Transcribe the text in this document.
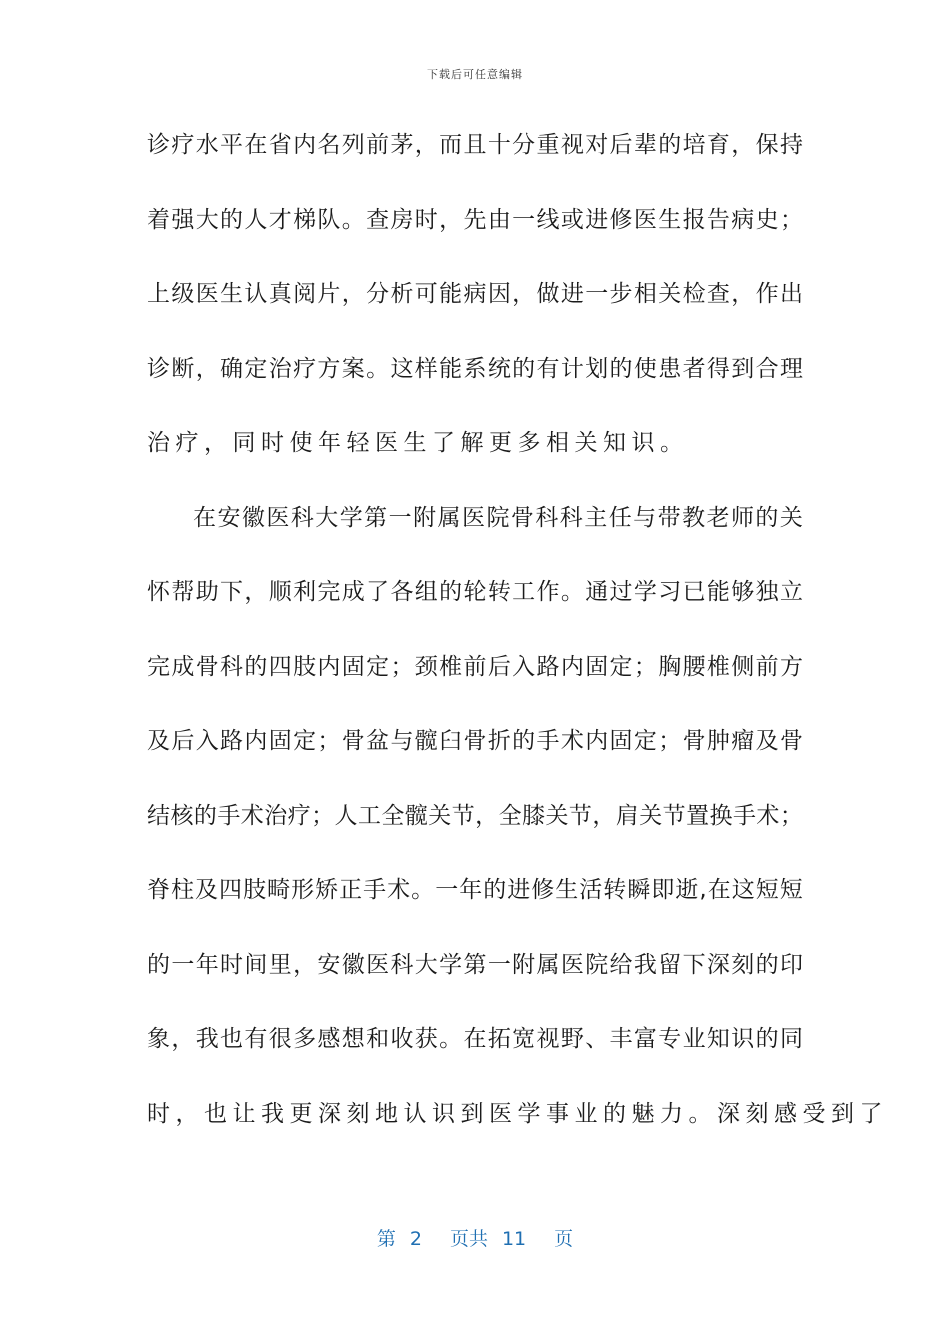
下载后可任意编辑
诊 疗 水 平 在 省 内 名 列 前 茅 ， 而 且 十 分 重 视 对 后 辈 的 培 育 ， 保 持
着 强 大 的 人 才 梯 队 。 查 房 时 ， 先 由 一 线 或 进 修 医 生 报 告 病 史 ；
上 级 医 生 认 真 阅 片 ， 分 析 可 能 病 因 ， 做 进 一 步 相 关 检 查 ， 作 出
诊 断 ， 确 定 治 疗 方 案 。 这 样 能 系 统 的 有 计 划 的 使 患 者 得 到 合 理
治疗，同时使年轻医生了解更多相关知识。
在 安 徽 医 科 大 学 第 一 附 属 医 院 骨 科 科 主 任 与 带 教 老 师 的 关
怀 帮 助 下 ， 顺 利 完 成 了 各 组 的 轮 转 工 作 。 通 过 学 习 已 能 够 独 立
完 成 骨 科 的 四 肢 内 固 定 ； 颈 椎 前 后 入 路 内 固 定 ； 胸 腰 椎 侧 前 方
及 后 入 路 内 固 定 ； 骨 盆 与 髋 臼 骨 折 的 手 术 内 固 定 ； 骨 肿 瘤 及 骨
结 核 的 手 术 治 疗 ； 人 工 全 髋 关 节 ， 全 膝 关 节 ， 肩 关 节 置 换 手 术 ；
脊 柱 及 四 肢 畸 形 矫 正 手 术 。 一 年 的 进 修 生 活 转 瞬 即 逝 , 在 这 短 短
的 一 年 时 间 里 ， 安 徽 医 科 大 学 第 一 附 属 医 院 给 我 留 下 深 刻 的 印
象 ， 我 也 有 很 多 感 想 和 收 获 。 在 拓 宽 视 野 、 丰 富 专 业 知 识 的 同
时，也让我更深刻地认识到医学事业的魅力。深刻感受到了
第 2 页共 11 页
